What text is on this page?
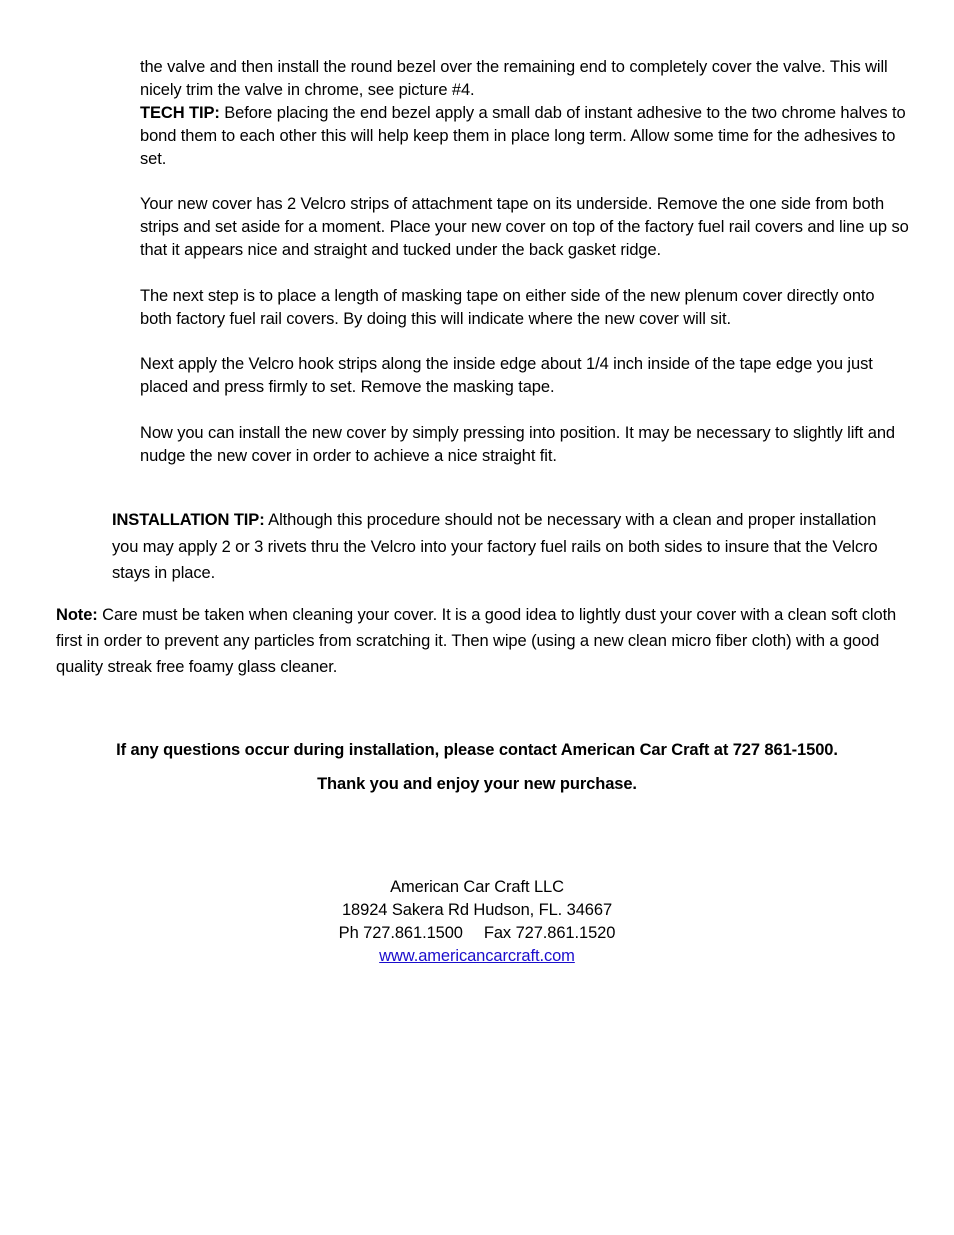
the valve and then install the round bezel over the remaining end to completely cover the valve. This will nicely trim the valve in chrome, see picture #4.
TECH TIP: Before placing the end bezel apply a small dab of instant adhesive to the two chrome halves to bond them to each other this will help keep them in place long term. Allow some time for the adhesives to set.

Your new cover has 2 Velcro strips of attachment tape on its underside. Remove the one side from both strips and set aside for a moment. Place your new cover on top of the factory fuel rail covers and line up so that it appears nice and straight and tucked under the back gasket ridge.

The next step is to place a length of masking tape on either side of the new plenum cover directly onto both factory fuel rail covers. By doing this will indicate where the new cover will sit.

Next apply the Velcro hook strips along the inside edge about 1/4 inch inside of the tape edge you just placed and press firmly to set. Remove the masking tape.

Now you can install the new cover by simply pressing into position. It may be necessary to slightly lift and nudge the new cover in order to achieve a nice straight fit.

INSTALLATION TIP: Although this procedure should not be necessary with a clean and proper installation you may apply 2 or 3 rivets thru the Velcro into your factory fuel rails on both sides to insure that the Velcro stays in place.

Note: Care must be taken when cleaning your cover. It is a good idea to lightly dust your cover with a clean soft cloth first in order to prevent any particles from scratching it. Then wipe (using a new clean micro fiber cloth) with a good quality streak free foamy glass cleaner.

If any questions occur during installation, please contact American Car Craft at 727 861-1500.

Thank you and enjoy your new purchase.

American Car Craft LLC
18924 Sakera Rd Hudson, FL. 34667
Ph 727.861.1500 Fax 727.861.1520
www.americancarcraft.com
